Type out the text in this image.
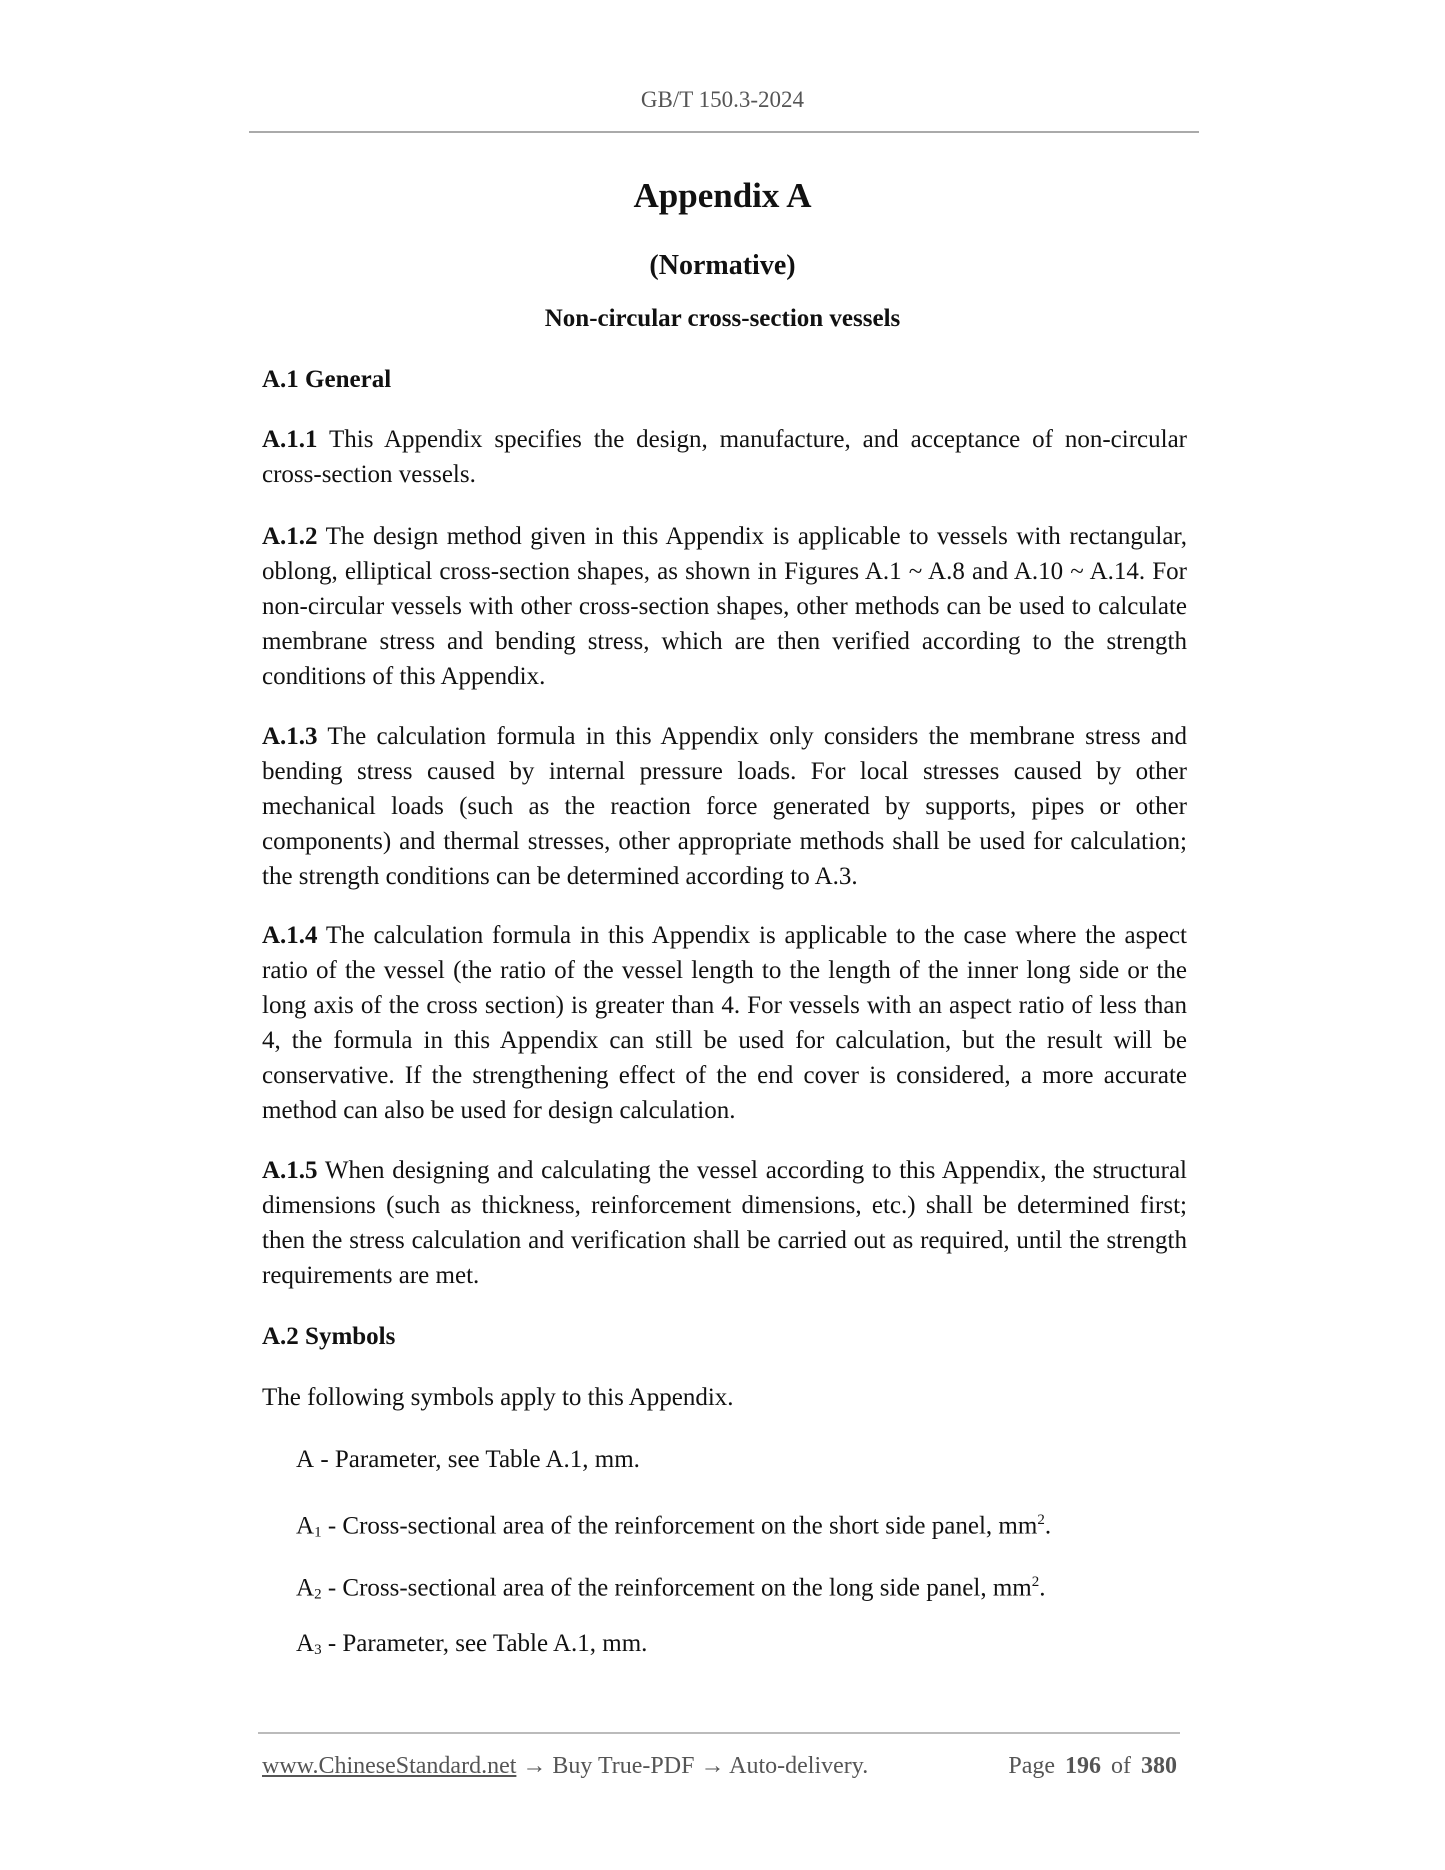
GB/T 150.3-2024
Appendix A
(Normative)
Non-circular cross-section vessels
A.1 General

A.1.1 This Appendix specifies the design, manufacture, and acceptance of non-circular cross-section vessels.

A.1.2 The design method given in this Appendix is applicable to vessels with rectangular, oblong, elliptical cross-section shapes, as shown in Figures A.1 ~ A.8 and A.10 ~ A.14. For non-circular vessels with other cross-section shapes, other methods can be used to calculate membrane stress and bending stress, which are then verified according to the strength conditions of this Appendix.

A.1.3 The calculation formula in this Appendix only considers the membrane stress and bending stress caused by internal pressure loads. For local stresses caused by other mechanical loads (such as the reaction force generated by supports, pipes or other components) and thermal stresses, other appropriate methods shall be used for calculation; the strength conditions can be determined according to A.3.

A.1.4 The calculation formula in this Appendix is applicable to the case where the aspect ratio of the vessel (the ratio of the vessel length to the length of the inner long side or the long axis of the cross section) is greater than 4. For vessels with an aspect ratio of less than 4, the formula in this Appendix can still be used for calculation, but the result will be conservative. If the strengthening effect of the end cover is considered, a more accurate method can also be used for design calculation.

A.1.5 When designing and calculating the vessel according to this Appendix, the structural dimensions (such as thickness, reinforcement dimensions, etc.) shall be determined first; then the stress calculation and verification shall be carried out as required, until the strength requirements are met.

A.2 Symbols
The following symbols apply to this Appendix.
A - Parameter, see Table A.1, mm.
$A_1$ - Cross-sectional area of the reinforcement on the short side panel, $mm^2$.
$A_2$ - Cross-sectional area of the reinforcement on the long side panel, $mm^2$.
$A_3$ - Parameter, see Table A.1, mm.
www.ChineseStandard.net → Buy True-PDF → Auto-delivery.	Page 196 of 380
